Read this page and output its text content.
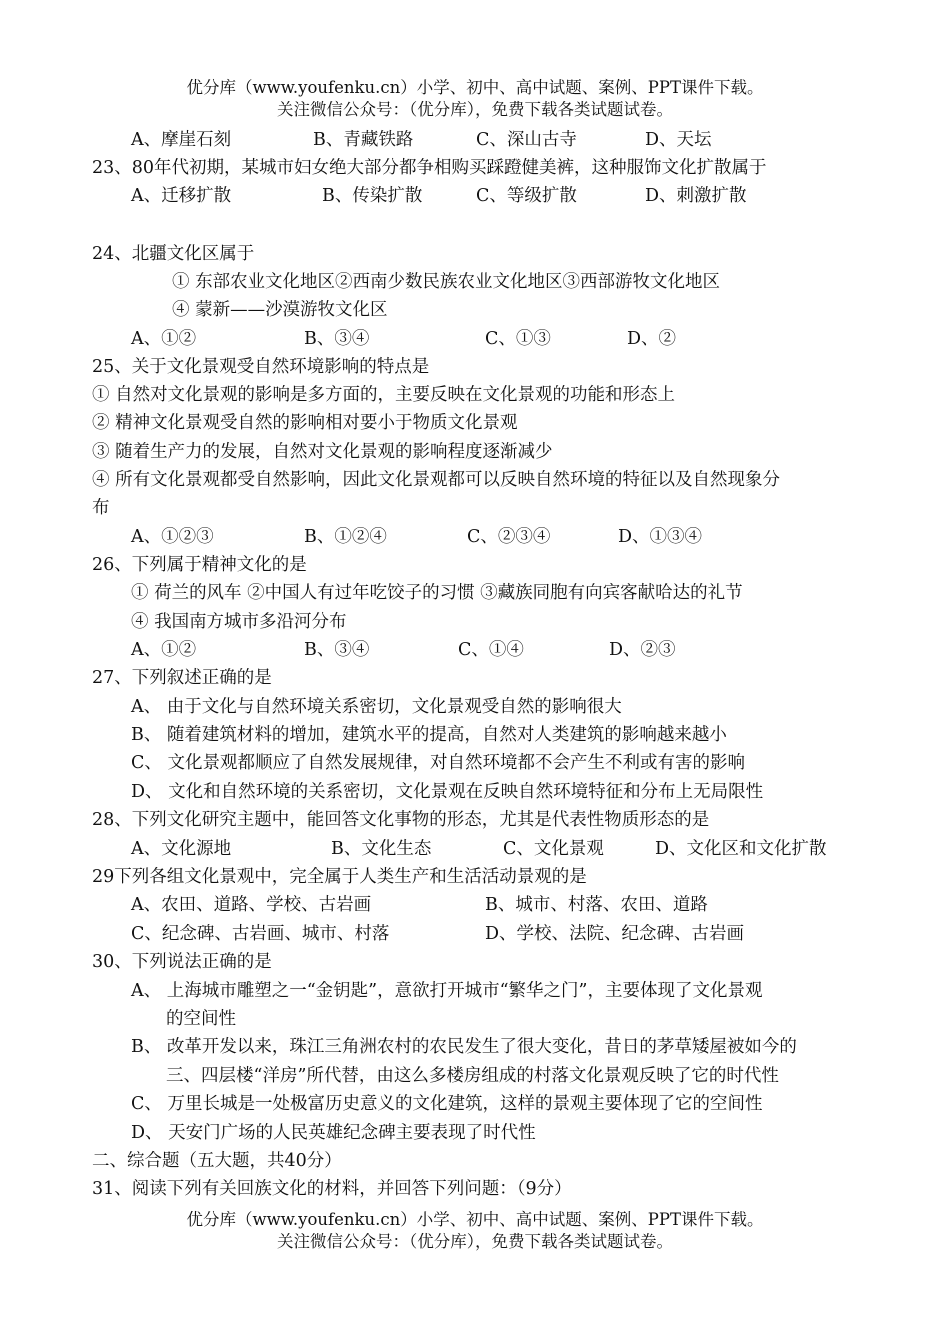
优分库（www.youfenku.cn）小学、初中、高中试题、案例、PPT课件下载。
关注微信公众号：（优分库），免费下载各类试题试卷。
A、摩崖石刻	B、青藏铁路	C、深山古寺	D、天坛
23、80年代初期，某城市妇女绝大部分都争相购买踩蹬健美裤，这种服饰文化扩散属于
A、迁移扩散	B、传染扩散	C、等级扩散	D、刺激扩散
24、北疆文化区属于
① 东部农业文化地区②西南少数民族农业文化地区③西部游牧文化地区
④ 蒙新——沙漠游牧文化区
A、①②	B、③④	C、①③	D、②
25、关于文化景观受自然环境影响的特点是
① 自然对文化景观的影响是多方面的，主要反映在文化景观的功能和形态上
② 精神文化景观受自然的影响相对要小于物质文化景观
③ 随着生产力的发展，自然对文化景观的影响程度逐渐减少
④ 所有文化景观都受自然影响，因此文化景观都可以反映自然环境的特征以及自然现象分
布
A、①②③	B、①②④	C、②③④	D、①③④
26、下列属于精神文化的是
① 荷兰的风车 ②中国人有过年吃饺子的习惯 ③藏族同胞有向宾客献哈达的礼节
④ 我国南方城市多沿河分布
A、①②	B、③④	C、①④	D、②③
27、下列叙述正确的是
A、 由于文化与自然环境关系密切，文化景观受自然的影响很大
B、 随着建筑材料的增加，建筑水平的提高，自然对人类建筑的影响越来越小
C、 文化景观都顺应了自然发展规律，对自然环境都不会产生不利或有害的影响
D、 文化和自然环境的关系密切，文化景观在反映自然环境特征和分布上无局限性
28、下列文化研究主题中，能回答文化事物的形态，尤其是代表性物质形态的是
A、文化源地	B、文化生态	C、文化景观	D、文化区和文化扩散
29下列各组文化景观中，完全属于人类生产和生活活动景观的是
A、农田、道路、学校、古岩画	B、城市、村落、农田、道路
C、纪念碑、古岩画、城市、村落	D、学校、法院、纪念碑、古岩画
30、下列说法正确的是
A、 上海城市雕塑之一“金钥匙”，意欲打开城市“繁华之门”，主要体现了文化景观
的空间性
B、 改革开发以来，珠江三角洲农村的农民发生了很大变化，昔日的茅草矮屋被如今的
三、四层楼“洋房”所代替，由这么多楼房组成的村落文化景观反映了它的时代性
C、 万里长城是一处极富历史意义的文化建筑，这样的景观主要体现了它的空间性
D、 天安门广场的人民英雄纪念碑主要表现了时代性
二、综合题（五大题，共40分）
31、阅读下列有关回族文化的材料，并回答下列问题：（9分）
优分库（www.youfenku.cn）小学、初中、高中试题、案例、PPT课件下载。
关注微信公众号：（优分库），免费下载各类试题试卷。
